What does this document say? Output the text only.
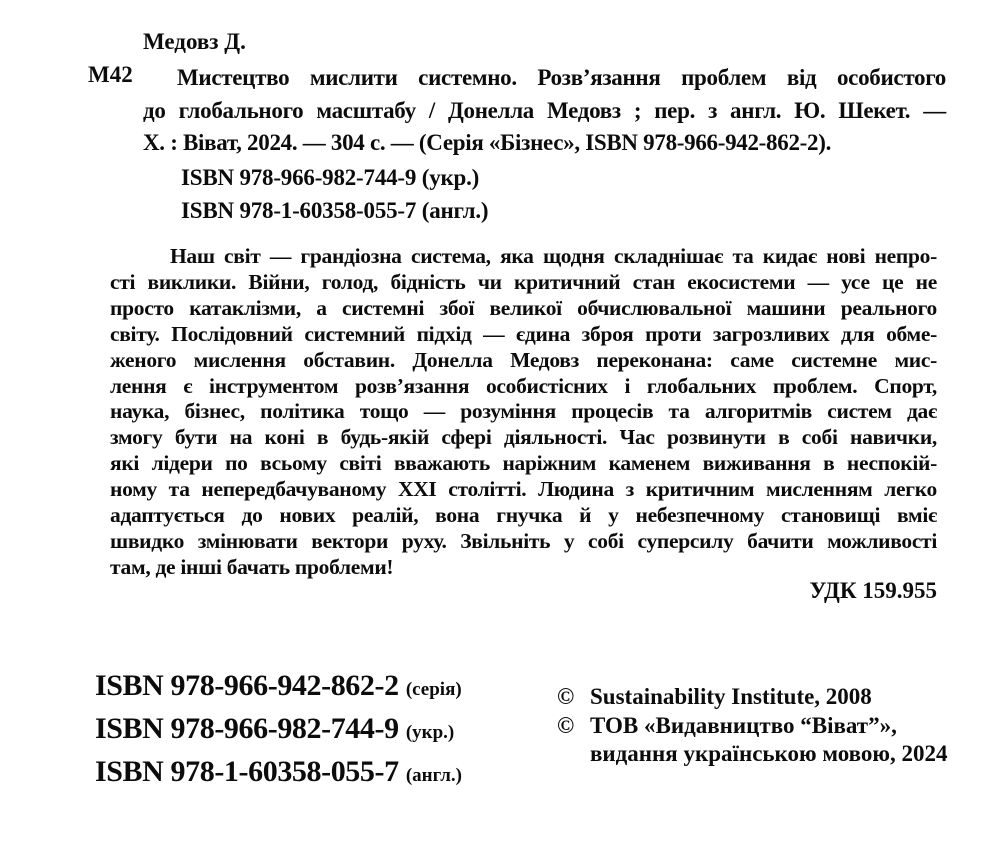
Медовз Д.
М42	Мистецтво мислити системно. Розв’язання проблем від особистого
до глобального масштабу / Донелла Медовз ; пер. з англ. Ю. Шекет. —
Х. : Віват, 2024. — 304 с. — (Серія «Бізнес», ISBN 978-966-942-862-2).
ISBN 978-966-982-744-9 (укр.)
ISBN 978-1-60358-055-7 (англ.)
Наш світ — грандіозна система, яка щодня складнішає та кидає нові непро-
сті виклики. Війни, голод, бідність чи критичний стан екосистеми — усе це не
просто катаклізми, а системні збої великої обчислювальної машини реального
світу. Послідовний системний підхід — єдина зброя проти загрозливих для обме-
женого мислення обставин. Донелла Медовз переконана: саме системне мис-
лення є інструментом розв’язання особистісних і глобальних проблем. Спорт,
наука, бізнес, політика тощо — розуміння процесів та алгоритмів систем дає
змогу бути на коні в будь-якій сфері діяльності. Час розвинути в собі навички,
які лідери по всьому світі вважають наріжним каменем виживання в неспокій-
ному та непередбачуваному XXI столітті. Людина з критичним мисленням легко
адаптується до нових реалій, вона гнучка й у небезпечному становищі вміє
швидко змінювати вектори руху. Звільніть у собі суперсилу бачити можливості
там, де інші бачать проблеми!
УДК 159.955
ISBN 978-966-942-862-2 (серія)
ISBN 978-966-982-744-9 (укр.)
ISBN 978-1-60358-055-7 (англ.)
© Sustainability Institute, 2008
© ТОВ «Видавництво “Віват”»,
видання українською мовою, 2024
